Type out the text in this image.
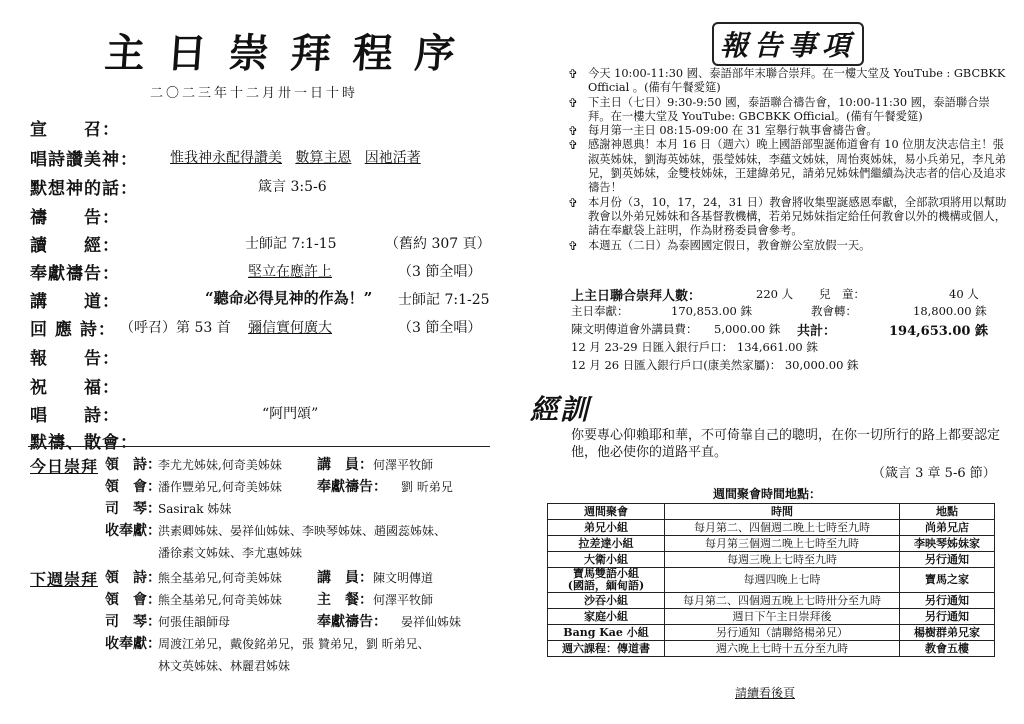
主日崇拜程序
二〇二三年十二月卅一日十時
宣　　召：
唱詩讚美神： 惟我神永配得讚美 數算主恩 因祂活著
默想神的話：	箴言 3:5-6
禱　　告：
讀　　經：	士師記 7:1-15	（舊約 307 頁）
奉獻禱告：	堅立在應許上	（3 節全唱）
講　　道：	“聽命必得見神的作為！” 士師記 7:1-25
回 應 詩： （呼召）第 53 首 彌信實何廣大	（3 節全唱）
報　　告：
祝　　福：
唱　　詩：	“阿門頌”
默禱、散會：
今日崇拜 領　詩：
李尤尤姊妹,何奇美姊妹	講　員： 何澤平牧師
領　會：
潘作豐弟兄,何奇美姊妹	奉獻禱告： 劉 昕弟兄
司　琴：
Sasirak 姊妹
收奉獻：
洪素卿姊妹、晏祥仙姊妹、李映琴姊妹、趙國蕊姊妹、
潘徐素文姊妹、李尤惠姊妹
下週崇拜 領　詩：
熊全基弟兄,何奇美姊妹	講　員： 陳文明傳道
領　會：
熊全基弟兄,何奇美姊妹	主　餐： 何澤平牧師
司　琴：
何張佳韻師母	奉獻禱告： 晏祥仙姊妹
收奉獻：
周渡江弟兄，戴俊銘弟兄，張 贊弟兄，劉 昕弟兄、
林文英姊妹、林麗君姊妹
報告事項
✞ 今天 10:00-11:30 國、泰語部年末聯合崇拜。在一樓大堂及 YouTube : GBCBKK Official 。(備有午餐愛筵)
✞ 下主日（七日）9:30-9:50 國，泰語聯合禱告會，10:00-11:30 國，泰語聯合崇拜。在一樓大堂及 YouTube: GBCBKK Official。(備有午餐愛筵)
✞ 每月第一主日 08:15-09:00 在 31 室舉行執事會禱告會。
✞ 感謝神恩典！本月 16 日（週六）晚上國語部聖誕佈道會有 10 位朋友決志信主！張淑英姊妹，劉海英姊妹，張瑩姊妹，李蘊文姊妹，周怡爽姊妹，易小兵弟兄，李凡弟兄，劉英姊妹，金雙枝姊妹，王建緯弟兄，請弟兄姊妹們繼續為決志者的信心及追求禱告！
✞ 本月份（3，10，17，24，31 日）教會將收集聖誕感恩奉獻，全部款項將用以幫助教會以外弟兄姊妹和各基督教機構，若弟兄姊妹指定給任何教會以外的機構或個人，請在奉獻袋上註明，作為財務委員會參考。
✞ 本週五（二日）為泰國國定假日，教會辦公室放假一天。
上主日聯合崇拜人數：	220 人 兒　童：	40 人
主日奉獻：	170,853.00 銖	教會轉：	18,800.00 銖
陳文明傳道會外講員費： 5,000.00 銖 共計：	194,653.00 銖
12 月 23-29 日匯入銀行戶口： 134,661.00 銖
12 月 26 日匯入銀行戶口(康美然家屬)： 30,000.00 銖
經訓
你要專心仰賴耶和華，不可倚靠自己的聰明，在你一切所行的路上都要認定他，他必使你的道路平直。
（箴言 3 章 5-6 節）
週間聚會時間地點：
週間聚會	時間	地點
弟兄小組	每月第二、四個週二晚上七時至九時	尚弟兄店
拉差達小組	每月第三個週二晚上七時至九時	李映琴姊妹家
大衛小組	每週三晚上七時至九時	另行通知
寶馬雙語小組
(國語，緬甸語)	每週四晚上七時	寶馬之家
沙吞小組	每月第二、四個週五晚上七時卅分至九時	另行通知
家庭小組	週日下午主日崇拜後	另行通知
Bang Kae 小組	另行通知（請聯絡楊弟兄）	楊樹群弟兄家
週六課程：傳道書	週六晚上七時十五分至九時	教會五樓
請續看後頁
